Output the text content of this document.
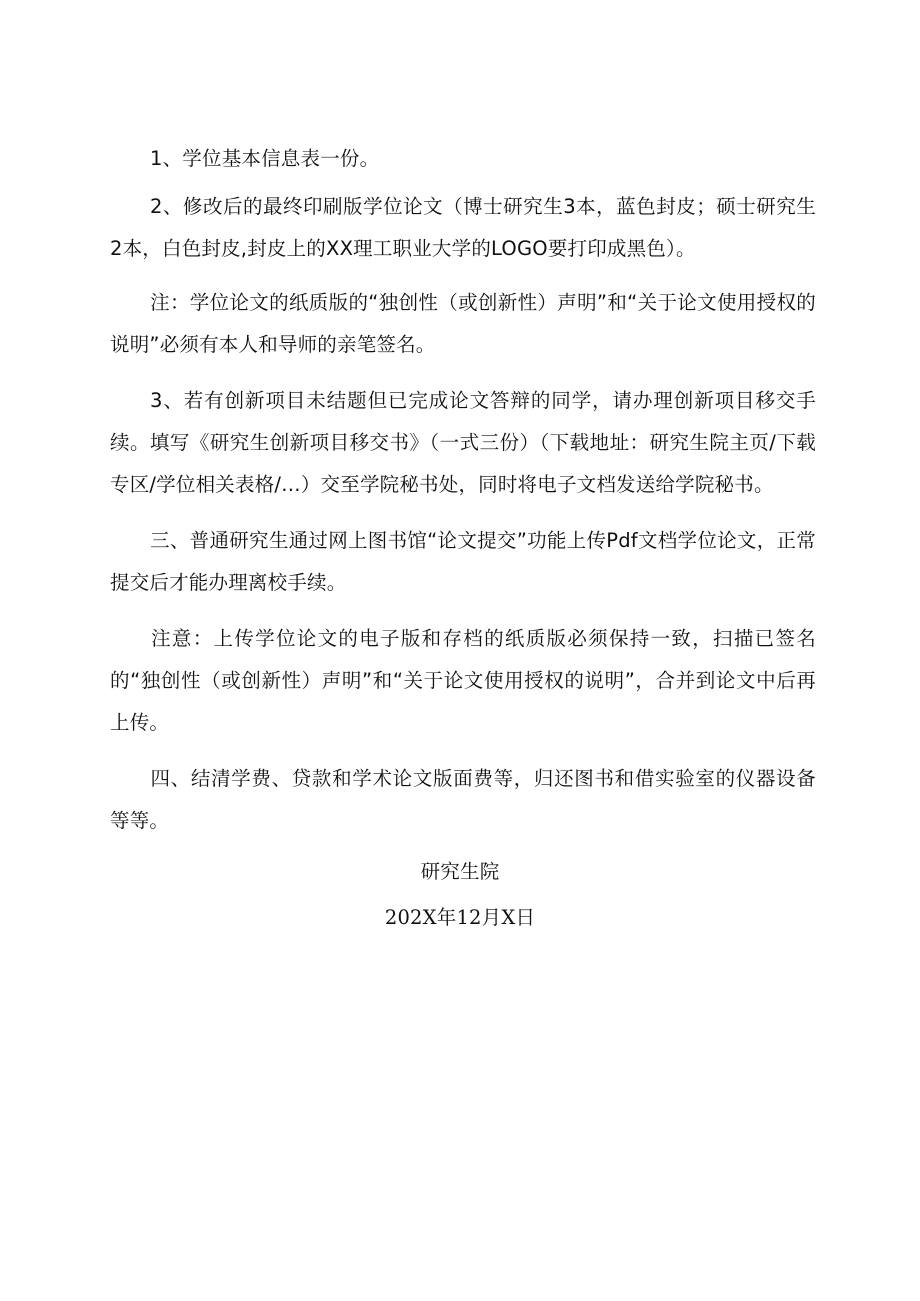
1、学位基本信息表一份。
2、修改后的最终印刷版学位论文（博士研究生3本，蓝色封皮；硕士研究生2本，白色封皮,封皮上的XX理工职业大学的LOGO要打印成黑色）。
注：学位论文的纸质版的“独创性（或创新性）声明”和“关于论文使用授权的说明”必须有本人和导师的亲笔签名。
3、若有创新项目未结题但已完成论文答辩的同学，请办理创新项目移交手续。填写《研究生创新项目移交书》（一式三份）（下载地址：研究生院主页/下载专区/学位相关表格/…）交至学院秘书处，同时将电子文档发送给学院秘书。
三、普通研究生通过网上图书馆“论文提交”功能上传Pdf文档学位论文，正常提交后才能办理离校手续。
注意：上传学位论文的电子版和存档的纸质版必须保持一致，扫描已签名的“独创性（或创新性）声明”和“关于论文使用授权的说明”，合并到论文中后再上传。
四、结清学费、贷款和学术论文版面费等，归还图书和借实验室的仪器设备等等。
研究生院
202X年12月X日
